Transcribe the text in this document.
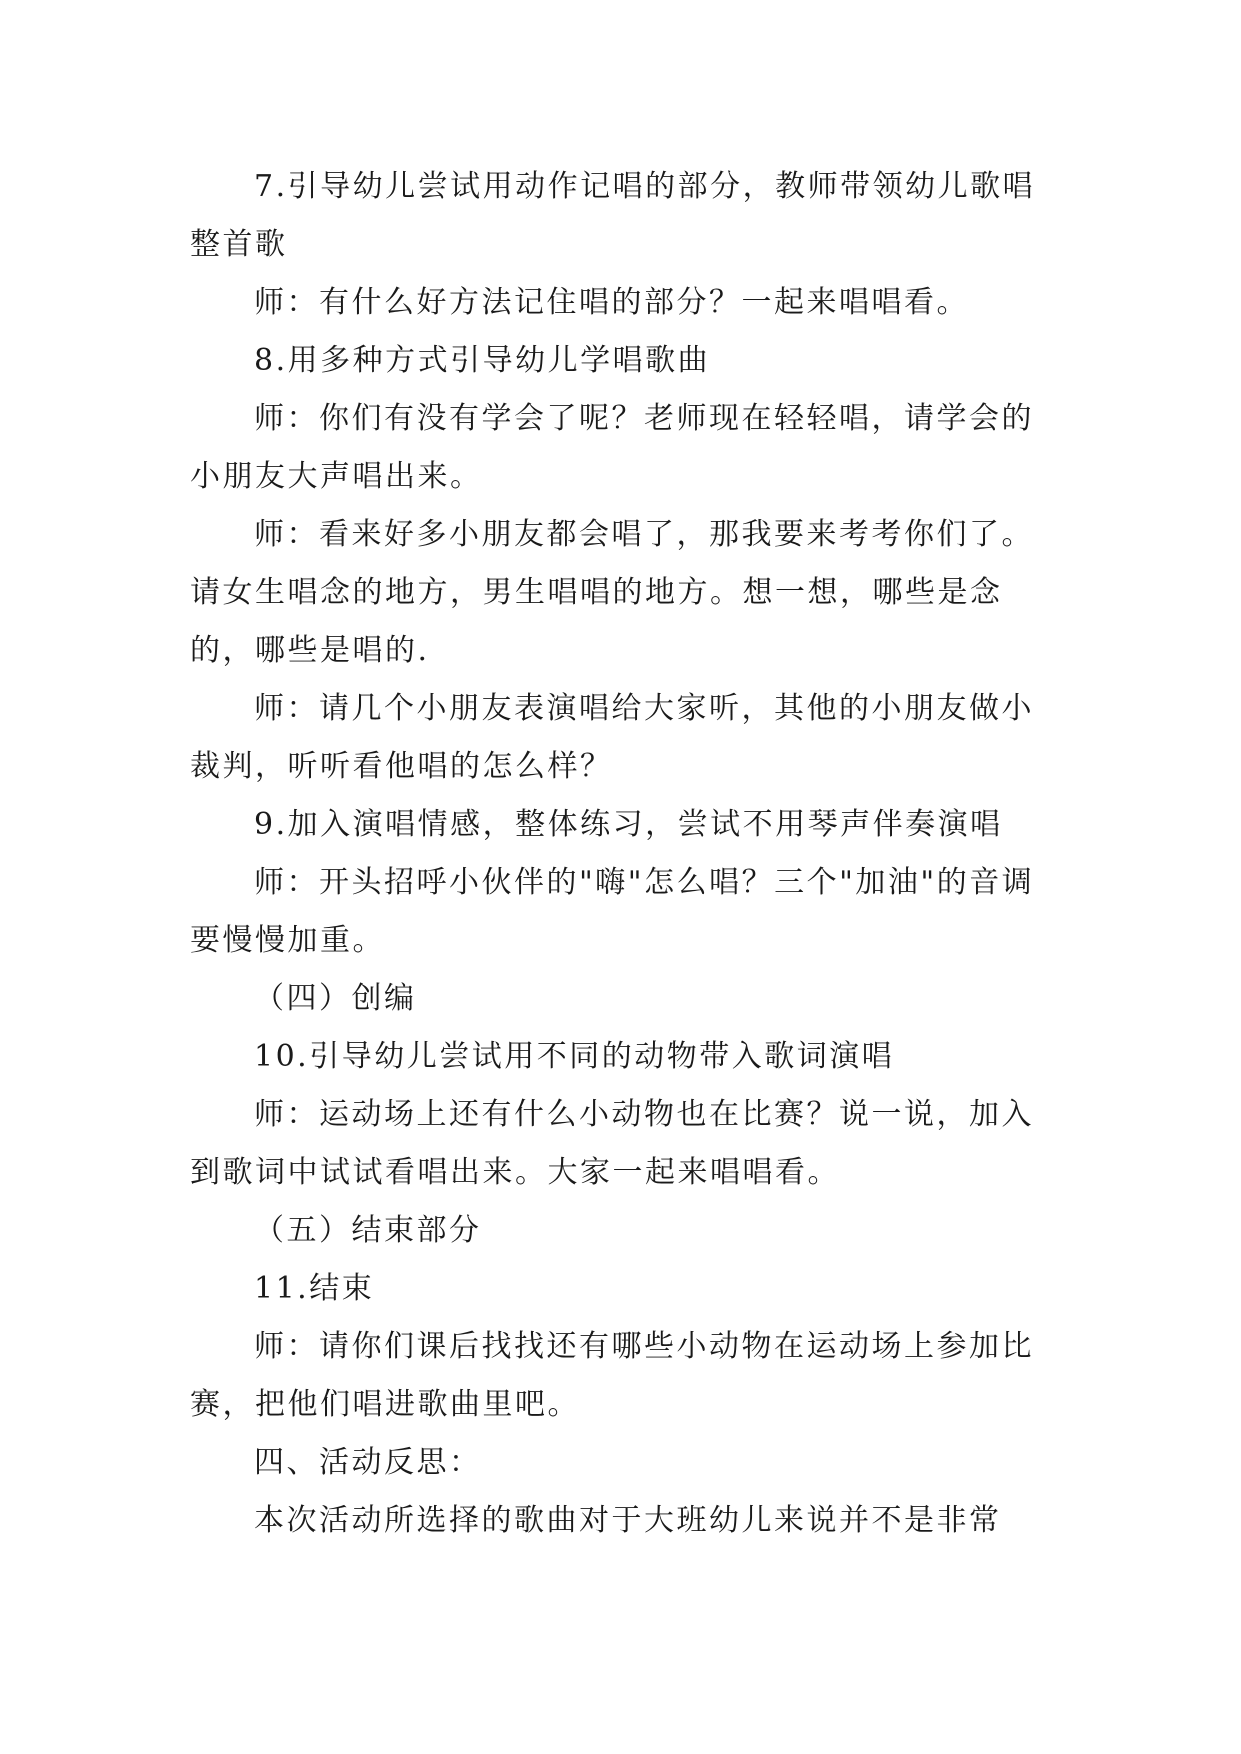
7.引导幼儿尝试用动作记唱的部分，教师带领幼儿歌唱整首歌

师：有什么好方法记住唱的部分？一起来唱唱看。

8.用多种方式引导幼儿学唱歌曲

师：你们有没有学会了呢？老师现在轻轻唱，请学会的小朋友大声唱出来。

师：看来好多小朋友都会唱了，那我要来考考你们了。请女生唱念的地方，男生唱唱的地方。想一想，哪些是念的，哪些是唱的.

师：请几个小朋友表演唱给大家听，其他的小朋友做小裁判，听听看他唱的怎么样？

9.加入演唱情感，整体练习，尝试不用琴声伴奏演唱

师：开头招呼小伙伴的"嗨"怎么唱？三个"加油"的音调要慢慢加重。

（四）创编

10.引导幼儿尝试用不同的动物带入歌词演唱

师：运动场上还有什么小动物也在比赛？说一说，加入到歌词中试试看唱出来。大家一起来唱唱看。

（五）结束部分

11.结束

师：请你们课后找找还有哪些小动物在运动场上参加比赛，把他们唱进歌曲里吧。

四、活动反思：

本次活动所选择的歌曲对于大班幼儿来说并不是非常
